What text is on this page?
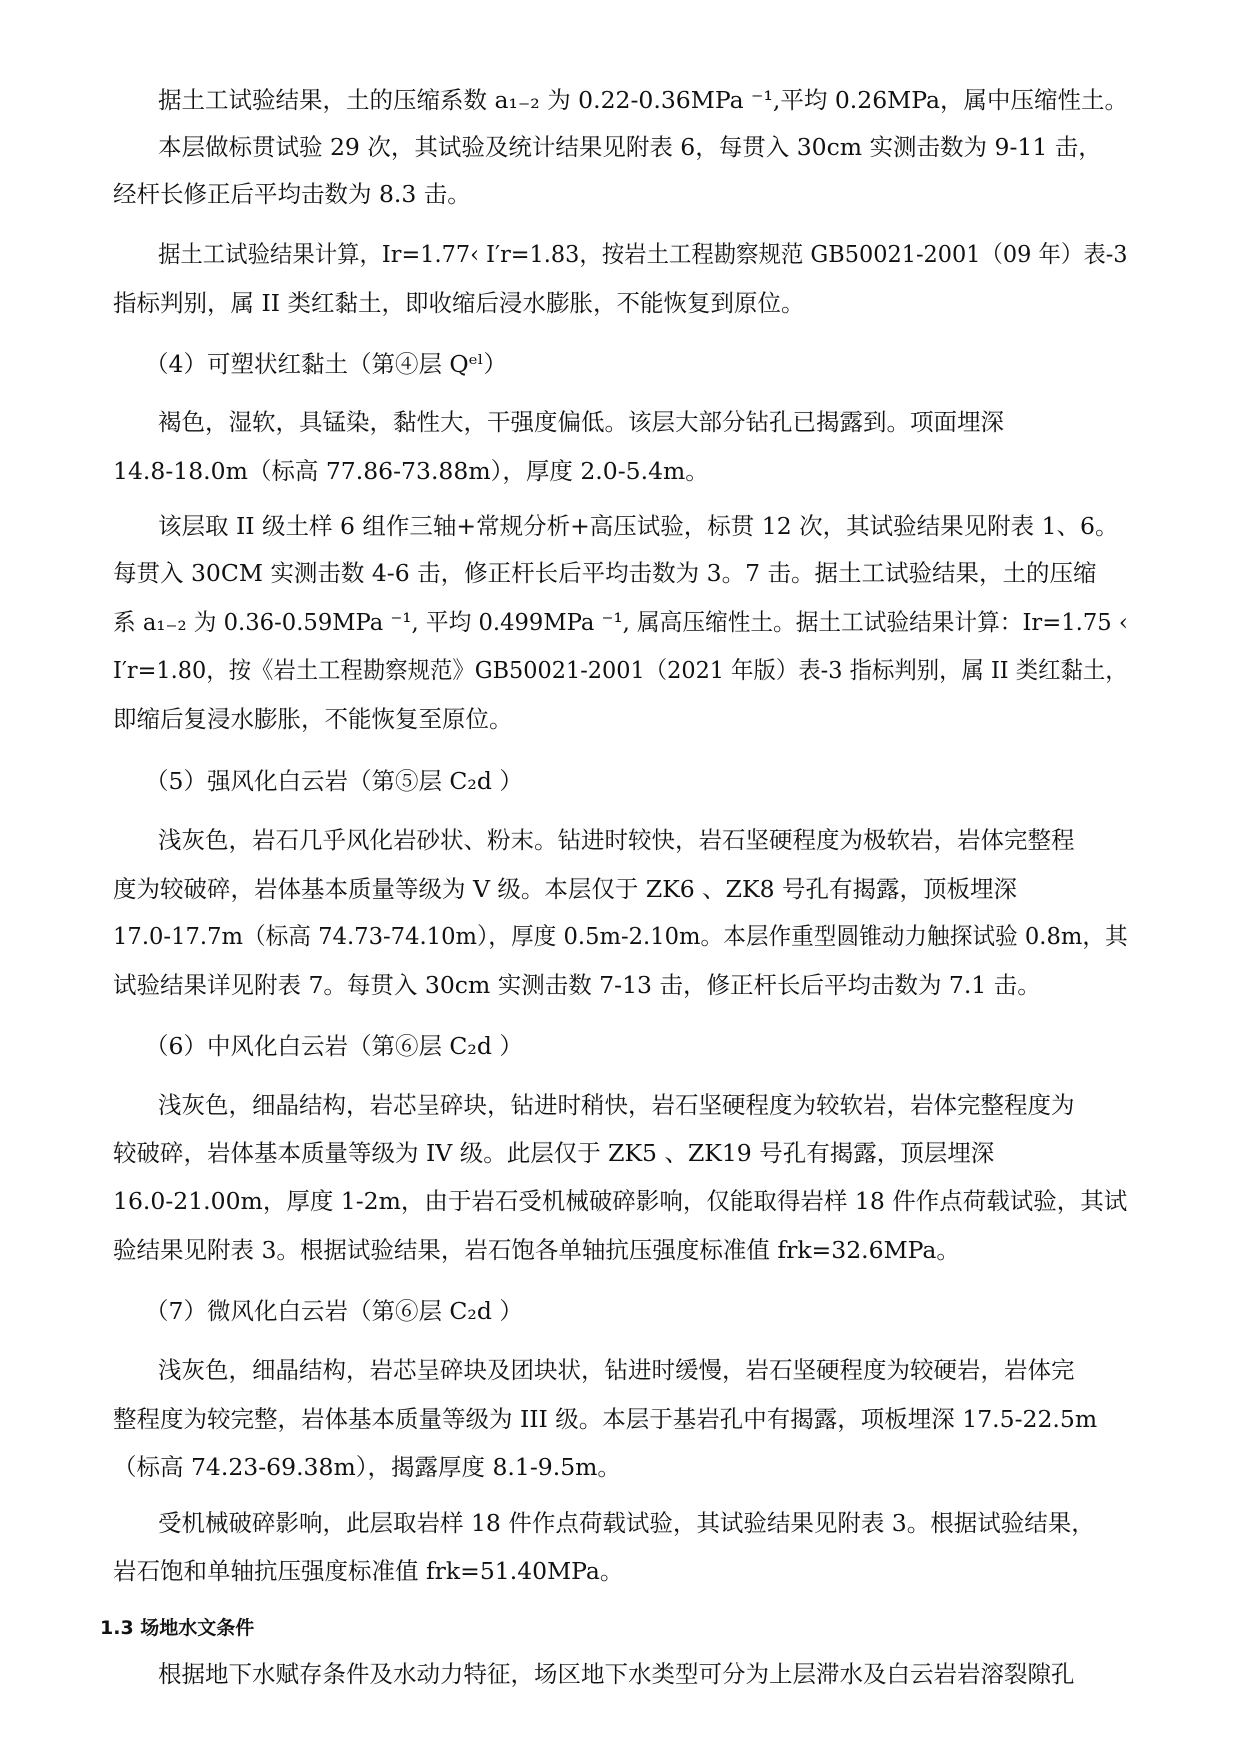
据土工试验结果，土的压缩系数 a₁₋₂ 为 0.22-0.36MPa ⁻¹,平均 0.26MPa，属中压缩性土。
本层做标贯试验 29 次，其试验及统计结果见附表 6，每贯入 30cm 实测击数为 9-11 击，
经杆长修正后平均击数为 8.3 击。
据土工试验结果计算，Ir=1.77‹ I′r=1.83，按岩土工程勘察规范 GB50021-2001（09 年）表-3
指标判别，属 II 类红黏土，即收缩后浸水膨胀，不能恢复到原位。
（4）可塑状红黏土（第④层 Qᵉˡ）
褐色，湿软，具锰染，黏性大，干强度偏低。该层大部分钻孔已揭露到。项面埋深
14.8-18.0m（标高 77.86-73.88m），厚度 2.0-5.4m。
该层取 II 级土样 6 组作三轴+常规分析+高压试验，标贯 12 次，其试验结果见附表 1、6。
每贯入 30CM 实测击数 4-6 击，修正杆长后平均击数为 3。7 击。据土工试验结果，土的压缩
系 a₁₋₂ 为 0.36-0.59MPa ⁻¹, 平均 0.499MPa ⁻¹, 属高压缩性土。据土工试验结果计算：Ir=1.75 ‹
I′r=1.80，按《岩土工程勘察规范》GB50021-2001（2021 年版）表-3 指标判别，属 II 类红黏土，
即缩后复浸水膨胀，不能恢复至原位。
（5）强风化白云岩（第⑤层 C₂d ）
浅灰色，岩石几乎风化岩砂状、粉末。钻进时较快，岩石坚硬程度为极软岩，岩体完整程
度为较破碎，岩体基本质量等级为 V 级。本层仅于 ZK6 、ZK8 号孔有揭露，顶板埋深
17.0-17.7m（标高 74.73-74.10m），厚度 0.5m-2.10m。本层作重型圆锥动力触探试验 0.8m，其
试验结果详见附表 7。每贯入 30cm 实测击数 7-13 击，修正杆长后平均击数为 7.1 击。
（6）中风化白云岩（第⑥层 C₂d ）
浅灰色，细晶结构，岩芯呈碎块，钻进时稍快，岩石坚硬程度为较软岩，岩体完整程度为
较破碎，岩体基本质量等级为 IV 级。此层仅于 ZK5 、ZK19 号孔有揭露，顶层埋深
16.0-21.00m，厚度 1-2m，由于岩石受机械破碎影响，仅能取得岩样 18 件作点荷载试验，其试
验结果见附表 3。根据试验结果，岩石饱各单轴抗压强度标准值 frk=32.6MPa。
（7）微风化白云岩（第⑥层 C₂d ）
浅灰色，细晶结构，岩芯呈碎块及团块状，钻进时缓慢，岩石坚硬程度为较硬岩，岩体完
整程度为较完整，岩体基本质量等级为 III 级。本层于基岩孔中有揭露，项板埋深 17.5-22.5m
（标高 74.23-69.38m），揭露厚度 8.1-9.5m。
受机械破碎影响，此层取岩样 18 件作点荷载试验，其试验结果见附表 3。根据试验结果，
岩石饱和单轴抗压强度标准值 frk=51.40MPa。
1.3 场地水文条件
根据地下水赋存条件及水动力特征，场区地下水类型可分为上层滞水及白云岩岩溶裂隙孔
